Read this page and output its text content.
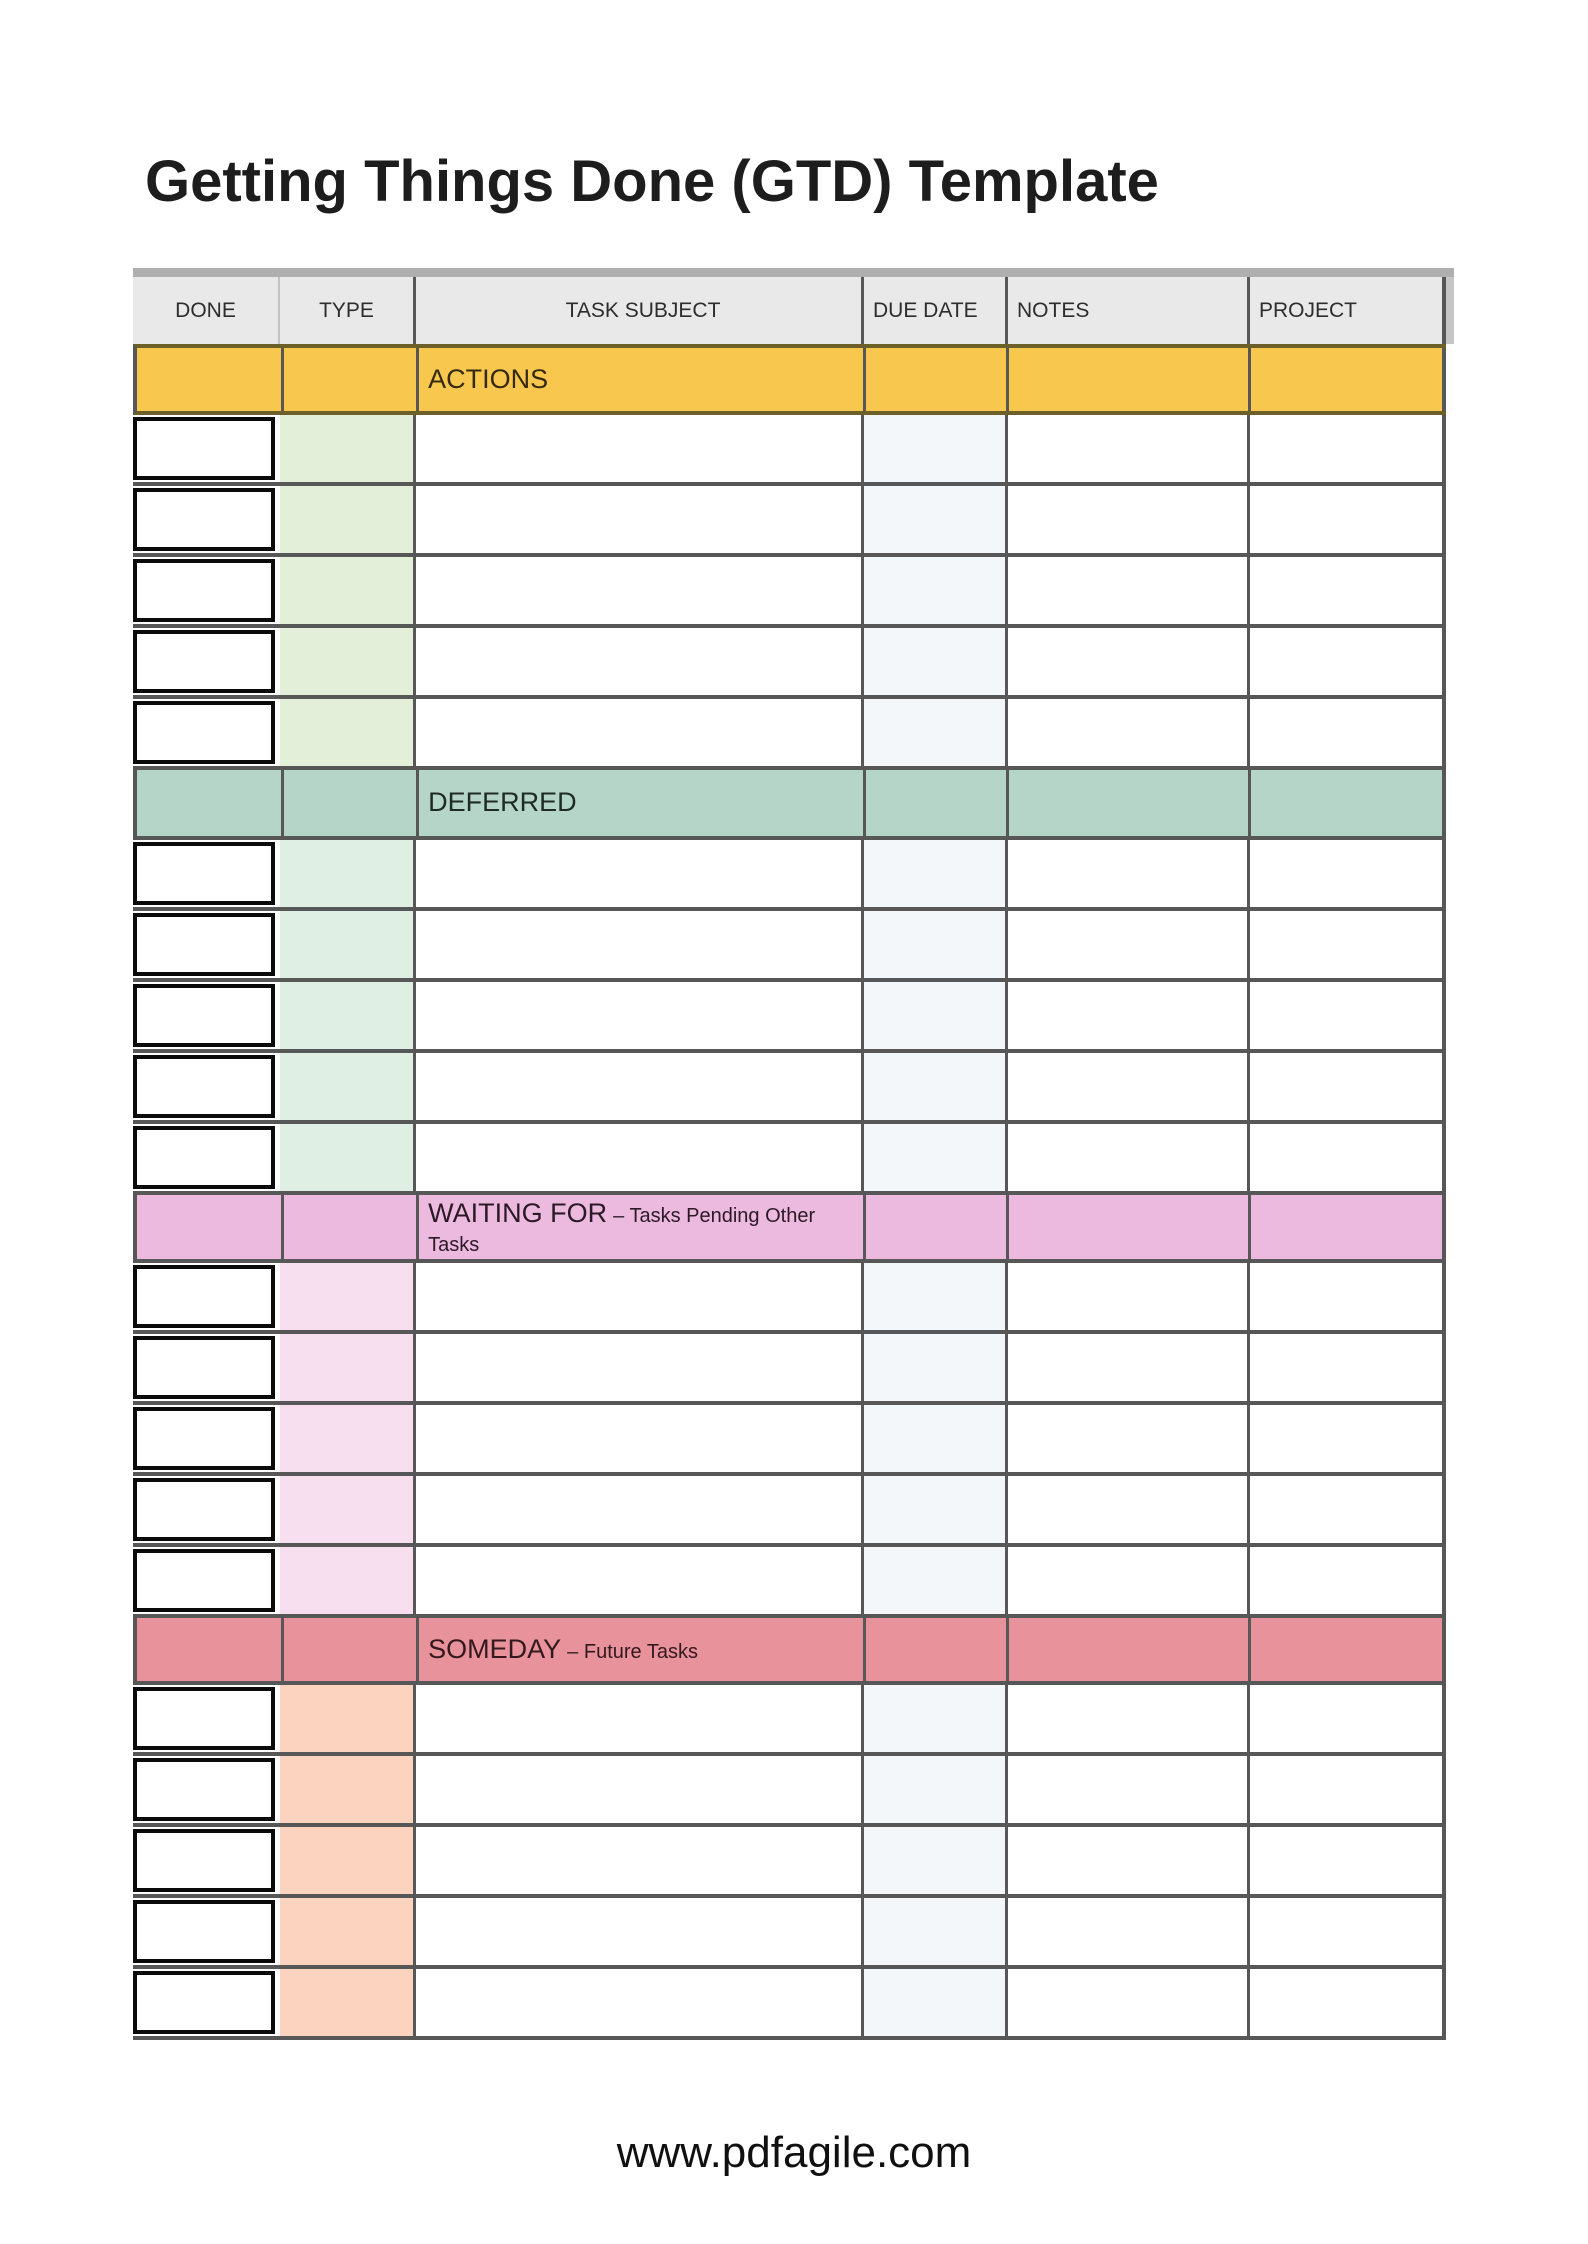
Getting Things Done (GTD) Template
DONE	TYPE	TASK SUBJECT	DUE DATE	NOTES	PROJECT
ACTIONS
DEFERRED
WAITING FOR – Tasks Pending Other Tasks
SOMEDAY – Future Tasks
www.pdfagile.com
